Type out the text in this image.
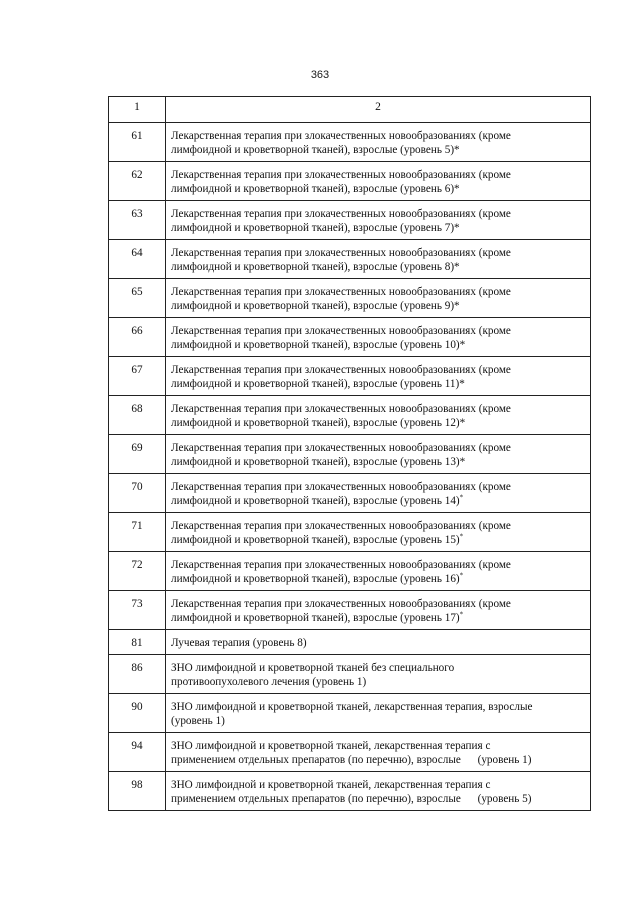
363
1	2
61	Лекарственная терапия при злокачественных новообразованиях (кроме
лимфоидной и кроветворной тканей), взрослые (уровень 5)*

62	Лекарственная терапия при злокачественных новообразованиях (кроме
лимфоидной и кроветворной тканей), взрослые (уровень 6)*

63	Лекарственная терапия при злокачественных новообразованиях (кроме
лимфоидной и кроветворной тканей), взрослые (уровень 7)*

64	Лекарственная терапия при злокачественных новообразованиях (кроме
лимфоидной и кроветворной тканей), взрослые (уровень 8)*

65	Лекарственная терапия при злокачественных новообразованиях (кроме
лимфоидной и кроветворной тканей), взрослые (уровень 9)*

66	Лекарственная терапия при злокачественных новообразованиях (кроме
лимфоидной и кроветворной тканей), взрослые (уровень 10)*

67	Лекарственная терапия при злокачественных новообразованиях (кроме
лимфоидной и кроветворной тканей), взрослые (уровень 11)*

68	Лекарственная терапия при злокачественных новообразованиях (кроме
лимфоидной и кроветворной тканей), взрослые (уровень 12)*

69	Лекарственная терапия при злокачественных новообразованиях (кроме
лимфоидной и кроветворной тканей), взрослые (уровень 13)*

70	Лекарственная терапия при злокачественных новообразованиях (кроме
лимфоидной и кроветворной тканей), взрослые (уровень 14)*

71	Лекарственная терапия при злокачественных новообразованиях (кроме
лимфоидной и кроветворной тканей), взрослые (уровень 15)*

72	Лекарственная терапия при злокачественных новообразованиях (кроме
лимфоидной и кроветворной тканей), взрослые (уровень 16)*

73	Лекарственная терапия при злокачественных новообразованиях (кроме
лимфоидной и кроветворной тканей), взрослые (уровень 17)*

81	Лучевая терапия (уровень 8)

86	ЗНО лимфоидной и кроветворной тканей без специального
противоопухолевого лечения (уровень 1)

90	ЗНО лимфоидной и кроветворной тканей, лекарственная терапия, взрослые
(уровень 1)

94	ЗНО лимфоидной и кроветворной тканей, лекарственная терапия с
применением отдельных препаратов (по перечню), взрослые      (уровень 1)

98	ЗНО лимфоидной и кроветворной тканей, лекарственная терапия с
применением отдельных препаратов (по перечню), взрослые      (уровень 5)
